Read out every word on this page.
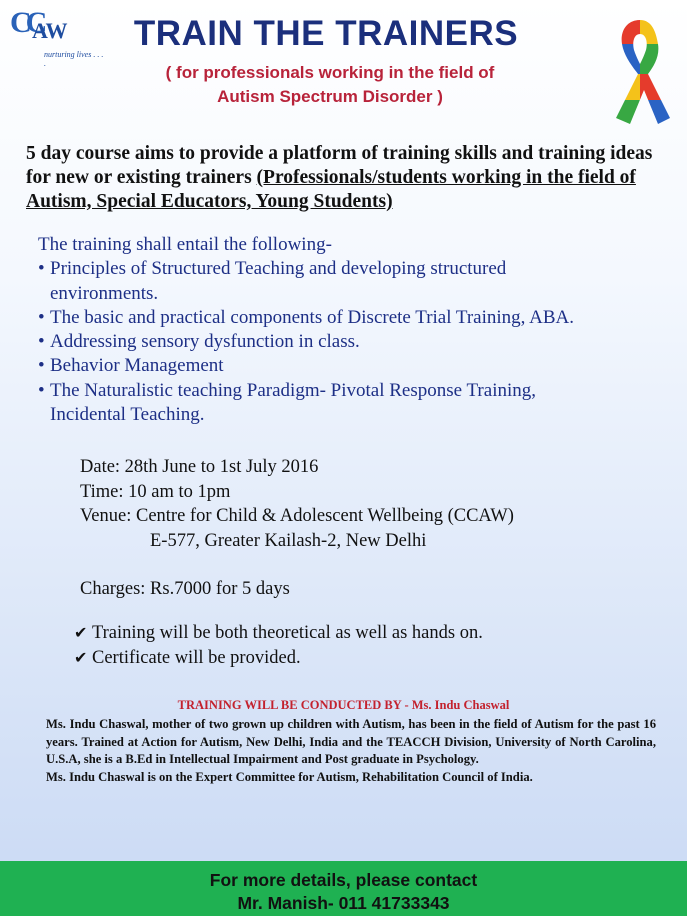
CC
AW
nurturing lives . . . .
TRAIN THE TRAINERS
( for professionals working in the field of
Autism Spectrum Disorder )
5 day course aims to provide a platform of training skills and training ideas for new or existing trainers (Professionals/students working in the field of Autism, Special Educators, Young Students)
The training shall entail the following-
• Principles of Structured Teaching and developing structured
environments.
• The basic and practical components of Discrete Trial Training, ABA.
• Addressing sensory dysfunction in class.
• Behavior Management
• The Naturalistic teaching Paradigm- Pivotal Response Training,
Incidental Teaching.
Date: 28th June to 1st July 2016
Time: 10 am to 1pm
Venue: Centre for Child & Adolescent Wellbeing (CCAW)
E-577, Greater Kailash-2, New Delhi
Charges: Rs.7000 for 5 days
✔ Training will be both theoretical as well as hands on.
✔ Certificate will be provided.
TRAINING WILL BE CONDUCTED BY - Ms. Indu Chaswal

Ms. Indu Chaswal, mother of two grown up children with Autism, has been in the field of Autism for the past 16 years. Trained at Action for Autism, New Delhi, India and the TEACCH Division, University of North Carolina, U.S.A, she is a B.Ed in Intellectual Impairment and Post graduate in Psychology.

Ms. Indu Chaswal is on the Expert Committee for Autism, Rehabilitation Council of India.

For more details, please contact
Mr. Manish- 011 41733343
